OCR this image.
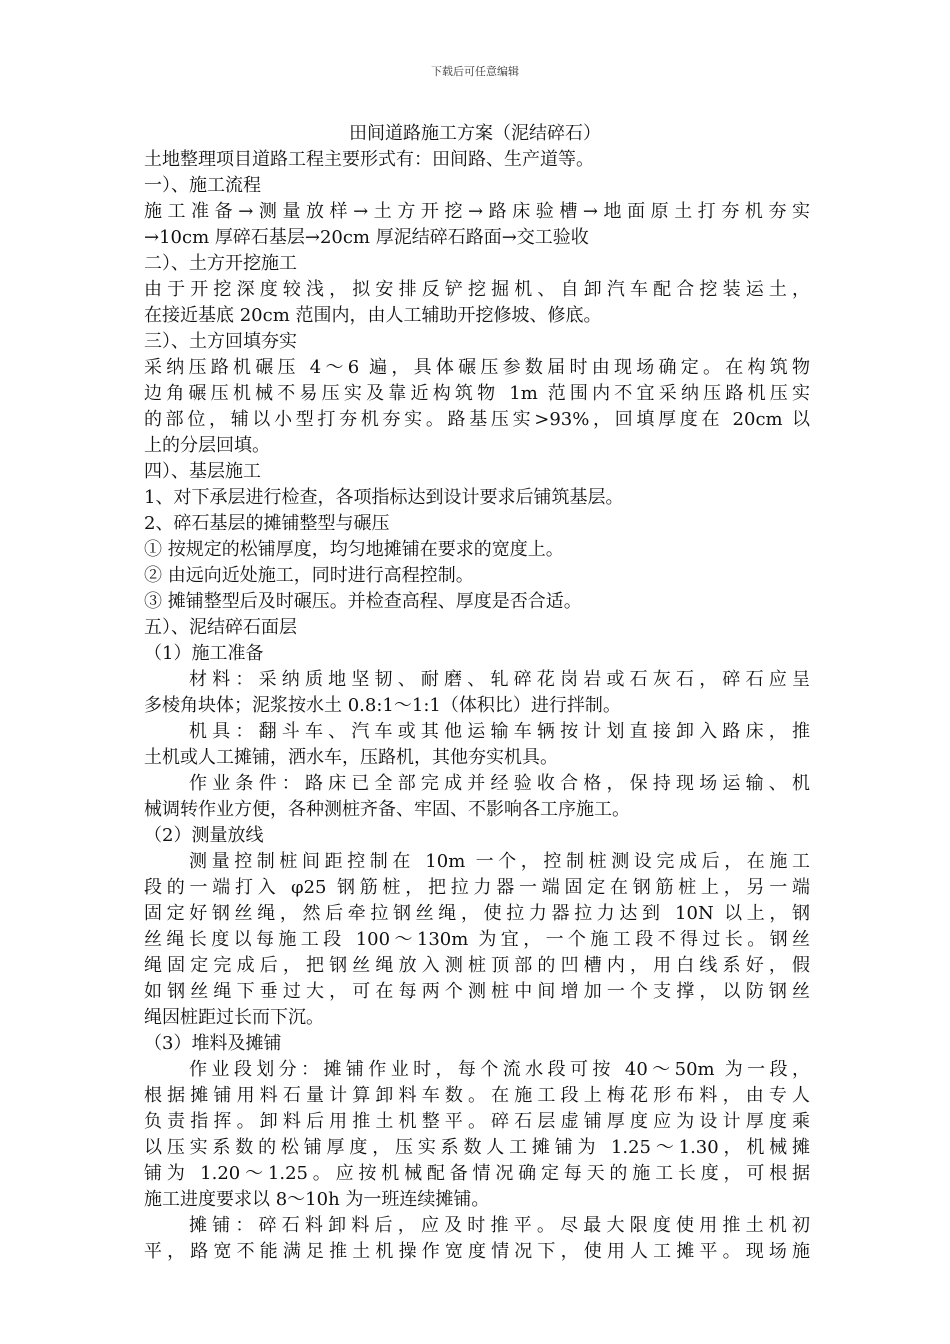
下载后可任意编辑
田间道路施工方案（泥结碎石）
土地整理项目道路工程主要形式有：田间路、生产道等。
一）、施工流程
施工准备→测量放样→土方开挖→路床验槽→地面原土打夯机夯实
→10cm 厚碎石基层→20cm 厚泥结碎石路面→交工验收
二）、土方开挖施工
由于开挖深度较浅，拟安排反铲挖掘机、自卸汽车配合挖装运土，
在接近基底 20cm 范围内，由人工辅助开挖修坡、修底。
三）、土方回填夯实
采纳压路机碾压 4～6 遍，具体碾压参数届时由现场确定。在构筑物
边角碾压机械不易压实及靠近构筑物 1m 范围内不宜采纳压路机压实
的部位，辅以小型打夯机夯实。路基压实>93%，回填厚度在 20cm 以
上的分层回填。
四）、基层施工
1、对下承层进行检查，各项指标达到设计要求后铺筑基层。
2、碎石基层的摊铺整型与碾压
① 按规定的松铺厚度，均匀地摊铺在要求的宽度上。
② 由远向近处施工，同时进行高程控制。
③ 摊铺整型后及时碾压。并检查高程、厚度是否合适。
五）、泥结碎石面层
（1）施工准备
材料：采纳质地坚韧、耐磨、轧碎花岗岩或石灰石，碎石应呈
多棱角块体；泥浆按水土 0.8:1～1:1（体积比）进行拌制。
机具：翻斗车、汽车或其他运输车辆按计划直接卸入路床，推
土机或人工摊铺，洒水车，压路机，其他夯实机具。
作业条件：路床已全部完成并经验收合格，保持现场运输、机
械调转作业方便，各种测桩齐备、牢固、不影响各工序施工。
（2）测量放线
测量控制桩间距控制在 10m 一个，控制桩测设完成后，在施工
段的一端打入 φ25 钢筋桩，把拉力器一端固定在钢筋桩上，另一端
固定好钢丝绳，然后牵拉钢丝绳，使拉力器拉力达到 10N 以上，钢
丝绳长度以每施工段 100～130m 为宜，一个施工段不得过长。钢丝
绳固定完成后，把钢丝绳放入测桩顶部的凹槽内，用白线系好，假
如钢丝绳下垂过大，可在每两个测桩中间增加一个支撑，以防钢丝
绳因桩距过长而下沉。
（3）堆料及摊铺
作业段划分：摊铺作业时，每个流水段可按 40～50m 为一段，
根据摊铺用料石量计算卸料车数。在施工段上梅花形布料，由专人
负责指挥。卸料后用推土机整平。碎石层虚铺厚度应为设计厚度乘
以压实系数的松铺厚度，压实系数人工摊铺为 1.25～1.30，机械摊
铺为 1.20～1.25。应按机械配备情况确定每天的施工长度，可根据
施工进度要求以 8～10h 为一班连续摊铺。
摊铺：碎石料卸料后，应及时推平。尽最大限度使用推土机初
平，路宽不能满足推土机操作宽度情况下，使用人工摊平。现场施
